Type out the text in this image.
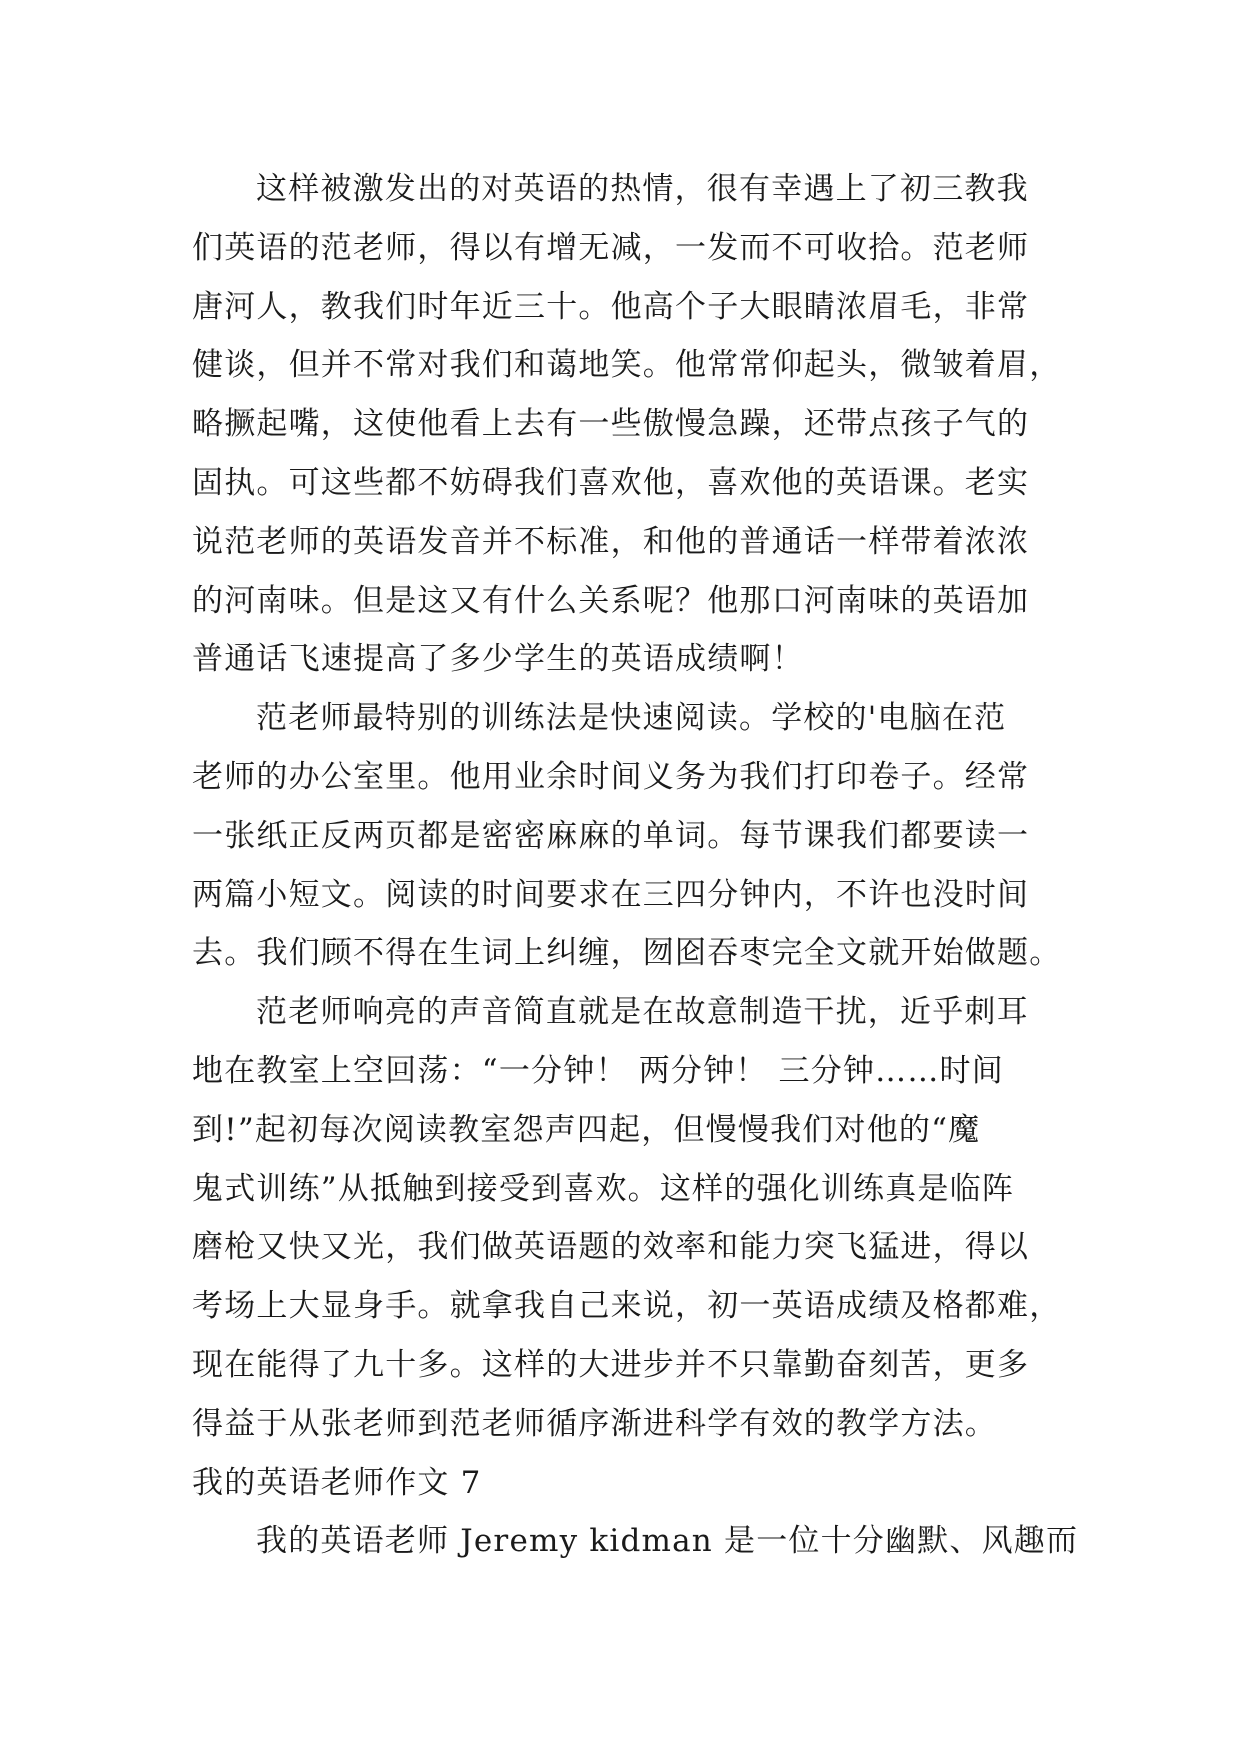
这样被激发出的对英语的热情，很有幸遇上了初三教我
们英语的范老师，得以有增无减，一发而不可收拾。范老师
唐河人，教我们时年近三十。他高个子大眼睛浓眉毛，非常
健谈，但并不常对我们和蔼地笑。他常常仰起头，微皱着眉，
略撅起嘴，这使他看上去有一些傲慢急躁，还带点孩子气的
固执。可这些都不妨碍我们喜欢他，喜欢他的英语课。老实
说范老师的英语发音并不标准，和他的普通话一样带着浓浓
的河南味。但是这又有什么关系呢？他那口河南味的英语加
普通话飞速提高了多少学生的英语成绩啊！
范老师最特别的训练法是快速阅读。学校的'电脑在范
老师的办公室里。他用业余时间义务为我们打印卷子。经常
一张纸正反两页都是密密麻麻的单词。每节课我们都要读一
两篇小短文。阅读的时间要求在三四分钟内，不许也没时间
去。我们顾不得在生词上纠缠，囫囵吞枣完全文就开始做题。
范老师响亮的声音简直就是在故意制造干扰，近乎刺耳
地在教室上空回荡：“一分钟！ 两分钟！ 三分钟……时间
到!”起初每次阅读教室怨声四起，但慢慢我们对他的“魔
鬼式训练”从抵触到接受到喜欢。这样的强化训练真是临阵
磨枪又快又光，我们做英语题的效率和能力突飞猛进，得以
考场上大显身手。就拿我自己来说，初一英语成绩及格都难，
现在能得了九十多。这样的大进步并不只靠勤奋刻苦，更多
得益于从张老师到范老师循序渐进科学有效的教学方法。
我的英语老师作文 7
我的英语老师 Jeremy kidman 是一位十分幽默、风趣而
